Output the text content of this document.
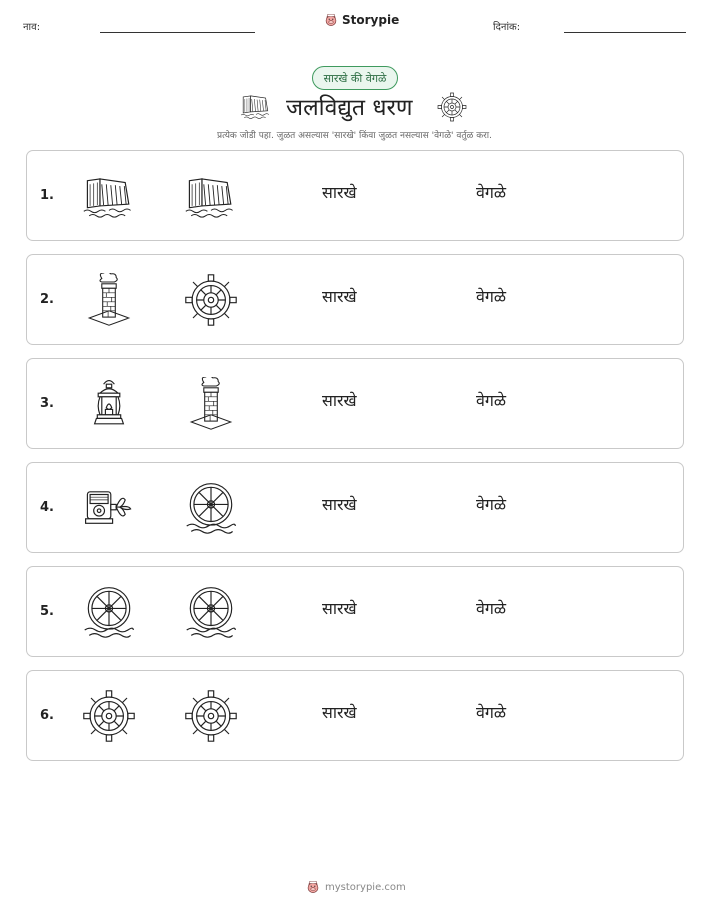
नाव:
Storypie
दिनांक:
सारखे की वेगळे
जलविद्युत धरण
प्रत्येक जोडी पहा. जुळत असल्यास 'सारखे' किंवा जुळत नसल्यास 'वेगळे' वर्तुळ करा.
1.	सारखे	वेगळे
2.	सारखे	वेगळे
3.	सारखे	वेगळे
4.	सारखे	वेगळे
5.	सारखे	वेगळे
6.	सारखे	वेगळे
mystorypie.com
